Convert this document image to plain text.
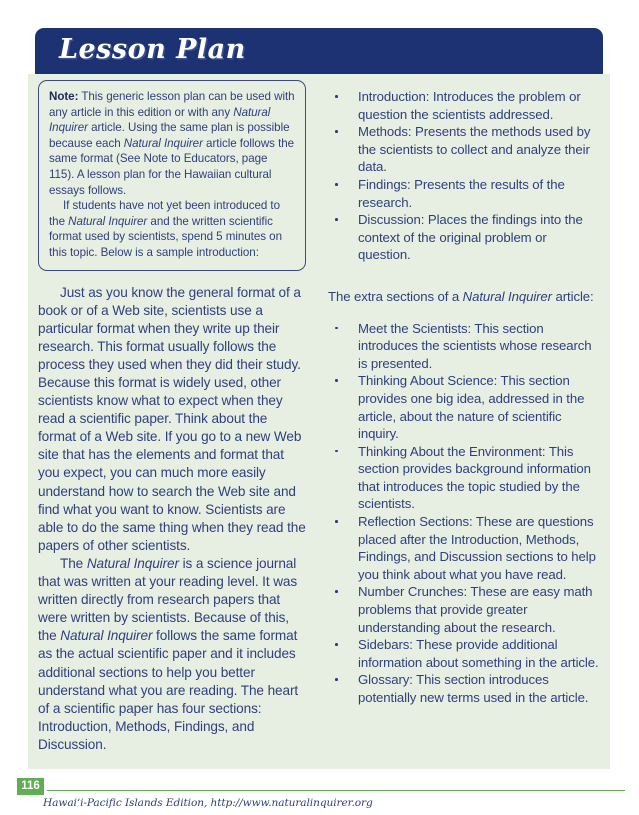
Lesson Plan

Note: This generic lesson plan can be used with any article in this edition or with any Natural Inquirer article. Using the same plan is possible because each Natural Inquirer article follows the same format (See Note to Educators, page 115). A lesson plan for the Hawaiian cultural essays follows.

If students have not yet been introduced to the Natural Inquirer and the written scientific format used by scientists, spend 5 minutes on this topic. Below is a sample introduction:

Just as you know the general format of a book or of a Web site, scientists use a particular format when they write up their research. This format usually follows the process they used when they did their study. Because this format is widely used, other scientists know what to expect when they read a scientific paper. Think about the format of a Web site. If you go to a new Web site that has the elements and format that you expect, you can much more easily understand how to search the Web site and find what you want to know. Scientists are able to do the same thing when they read the papers of other scientists.

The Natural Inquirer is a science journal that was written at your reading level. It was written directly from research papers that were written by scientists. Because of this, the Natural Inquirer follows the same format as the actual scientific paper and it includes additional sections to help you better understand what you are reading. The heart of a scientific paper has four sections: Introduction, Methods, Findings, and Discussion.

Introduction: Introduces the problem or question the scientists addressed.
Methods: Presents the methods used by the scientists to collect and analyze their data.
Findings: Presents the results of the research.
Discussion: Places the findings into the context of the original problem or question.

The extra sections of a Natural Inquirer article:

Meet the Scientists: This section introduces the scientists whose research is presented.
Thinking About Science: This section provides one big idea, addressed in the article, about the nature of scientific inquiry.
Thinking About the Environment: This section provides background information that introduces the topic studied by the scientists.
Reflection Sections: These are questions placed after the Introduction, Methods, Findings, and Discussion sections to help you think about what you have read.
Number Crunches: These are easy math problems that provide greater understanding about the research.
Sidebars: These provide additional information about something in the article.
Glossary: This section introduces potentially new terms used in the article.
116
Hawai‘i-Pacific Islands Edition, http://www.naturalinquirer.org
